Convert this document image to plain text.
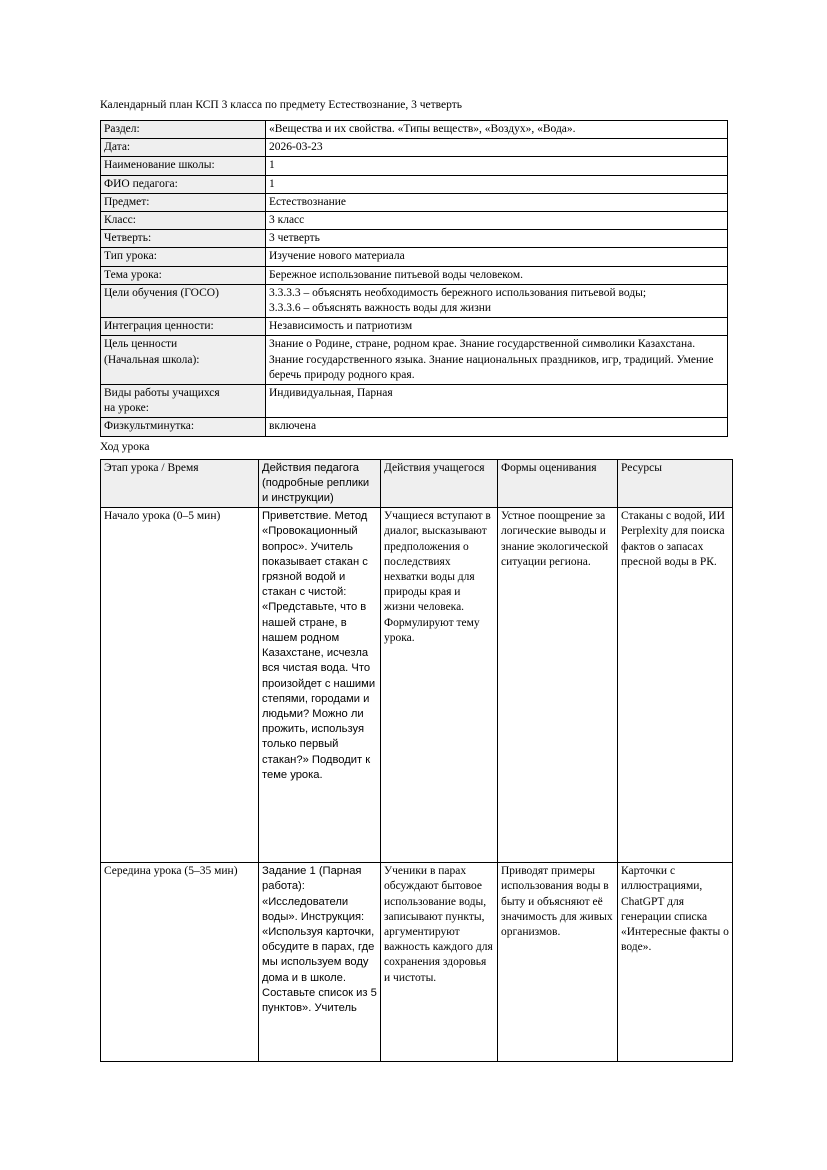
Календарный план КСП 3 класса по предмету Естествознание, 3 четверть

Раздел:	«Вещества и их свойства. «Типы веществ», «Воздух», «Вода».
Дата:	2026-03-23
Наименование школы:	1
ФИО педагога:	1
Предмет:	Естествознание
Класс:	3 класс
Четверть:	3 четверть
Тип урока:	Изучение нового материала
Тема урока:	Бережное использование питьевой воды человеком.
Цели обучения (ГОСО)	3.3.3.3 – объяснять необходимость бережного использования питьевой воды;

3.3.3.6 – объяснять важность воды для жизни

Интеграция ценности:	Независимость и патриотизм

Цель ценности

(Начальная школа):	Знание о Родине, стране, родном крае. Знание государственной символики Казахстана. Знание государственного языка. Знание национальных праздников, игр, традиций. Умение беречь природу родного края.

Виды работы учащихся

на уроке:	Индивидуальная, Парная
Физкультминутка:	включена

Ход урока

Этап урока / Время	Действия педагога (подробные реплики и инструкции)	Действия учащегося	Формы оценивания	Ресурсы
Начало урока (0–5 мин)	Приветствие. Метод «Провокационный вопрос». Учитель показывает стакан с грязной водой и стакан с чистой: «Представьте, что в нашей стране, в нашем родном Казахстане, исчезла вся чистая вода. Что произойдет с нашими степями, городами и людьми? Можно ли прожить, используя только первый стакан?» Подводит к теме урока.	Учащиеся вступают в диалог, высказывают предположения о последствиях нехватки воды для природы края и жизни человека. Формулируют тему урока.	Устное поощрение за логические выводы и знание экологической ситуации региона.	Стаканы с водой, ИИ Perplexity для поиска фактов о запасах пресной воды в РК.
Середина урока (5–35 мин)	Задание 1 (Парная работа): «Исследователи воды». Инструкция: «Используя карточки, обсудите в парах, где мы используем воду дома и в школе. Составьте список из 5 пунктов». Учитель	Ученики в парах обсуждают бытовое использование воды, записывают пункты, аргументируют важность каждого для сохранения здоровья и чистоты.	Приводят примеры использования воды в быту и объясняют её значимость для живых организмов.	Карточки с иллюстрациями, ChatGPT для генерации списка «Интересные факты о воде».
